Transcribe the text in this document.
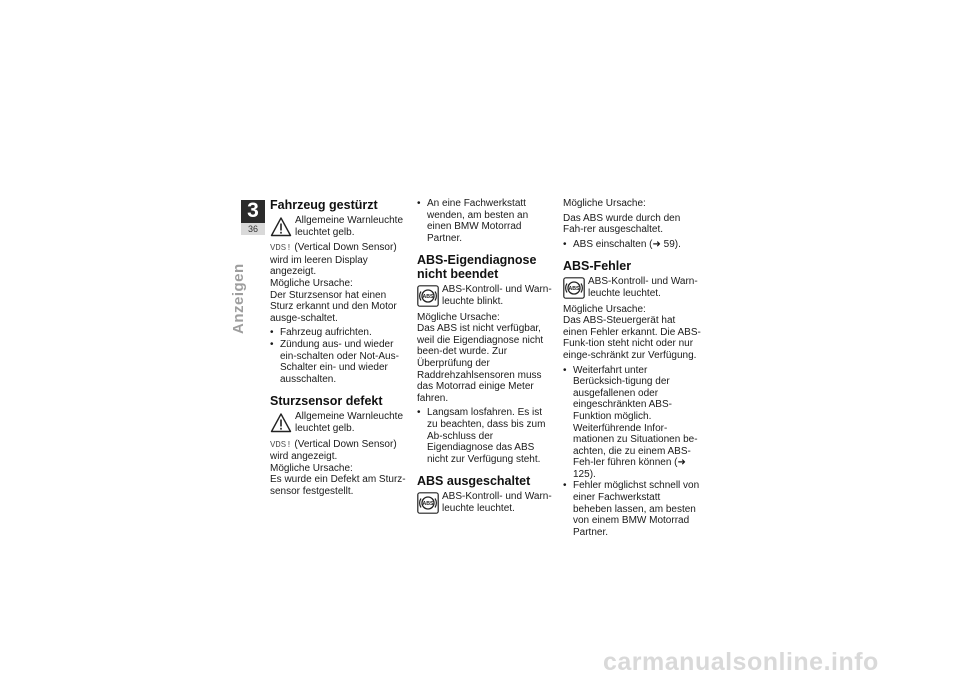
3
36
Anzeigen
Fahrzeug gestürzt
Allgemeine Warnleuchte leuchtet gelb.

VDS! (Vertical Down Sensor) wird im leeren Display angezeigt.

Mögliche Ursache:

Der Sturzsensor hat einen Sturz erkannt und den Motor ausge-schaltet.

• Fahrzeug aufrichten.
• Zündung aus- und wieder ein-schalten oder Not-Aus-Schalter ein- und wieder ausschalten.
Sturzsensor defekt
Allgemeine Warnleuchte leuchtet gelb.

VDS! (Vertical Down Sensor) wird angezeigt.

Mögliche Ursache:

Es wurde ein Defekt am Sturz-sensor festgestellt.

• An eine Fachwerkstatt wenden, am besten an einen BMW Motorrad Partner.
ABS-Eigendiagnose nicht beendet
ABS
ABS-Kontroll- und Warn-leuchte blinkt.

Mögliche Ursache:

Das ABS ist nicht verfügbar, weil die Eigendiagnose nicht been-det wurde. Zur Überprüfung der Raddrehzahlsensoren muss das Motorrad einige Meter fahren.

• Langsam losfahren. Es ist zu beachten, dass bis zum Ab-schluss der Eigendiagnose das ABS nicht zur Verfügung steht.
ABS ausgeschaltet
ABS
ABS-Kontroll- und Warn-leuchte leuchtet.

Mögliche Ursache:

Das ABS wurde durch den Fah-rer ausgeschaltet.

• ABS einschalten (➜ 59).
ABS-Fehler
ABS
ABS-Kontroll- und Warn-leuchte leuchtet.

Mögliche Ursache:

Das ABS-Steuergerät hat einen Fehler erkannt. Die ABS-Funk-tion steht nicht oder nur einge-schränkt zur Verfügung.

• Weiterfahrt unter Berücksich-tigung der ausgefallenen oder eingeschränkten ABS-Funktion möglich. Weiterführende Infor-mationen zu Situationen be-achten, die zu einem ABS-Feh-ler führen können (➜ 125).
• Fehler möglichst schnell von einer Fachwerkstatt beheben lassen, am besten von einem BMW Motorrad Partner.
carmanualsonline.info
